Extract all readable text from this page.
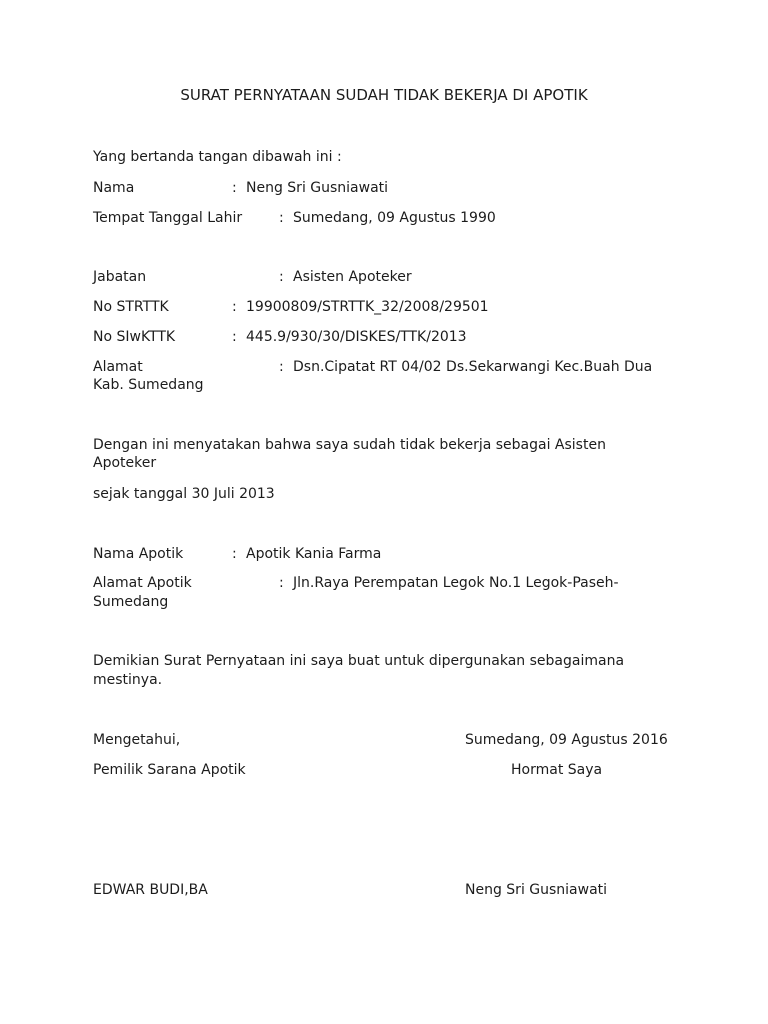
SURAT PERNYATAAN SUDAH TIDAK BEKERJA DI APOTIK
Yang bertanda tangan dibawah ini :
Nama	: Neng Sri Gusniawati
Tempat Tanggal Lahir	: Sumedang, 09 Agustus 1990
Jabatan	: Asisten Apoteker
No STRTTK	: 19900809/STRTTK_32/2008/29501
No SIwKTTK	: 445.9/930/30/DISKES/TTK/2013
Alamat	: Dsn.Cipatat RT 04/02 Ds.Sekarwangi Kec.Buah Dua
Kab. Sumedang
Dengan ini menyatakan bahwa saya sudah tidak bekerja sebagai Asisten
Apoteker
sejak tanggal 30 Juli 2013
Nama Apotik	: Apotik Kania Farma
Alamat Apotik	: Jln.Raya Perempatan Legok No.1 Legok-Paseh-
Sumedang
Demikian Surat Pernyataan ini saya buat untuk dipergunakan sebagaimana
mestinya.
Mengetahui,	Sumedang, 09 Agustus 2016
Pemilik Sarana Apotik	Hormat Saya
EDWAR BUDI,BA	Neng Sri Gusniawati
